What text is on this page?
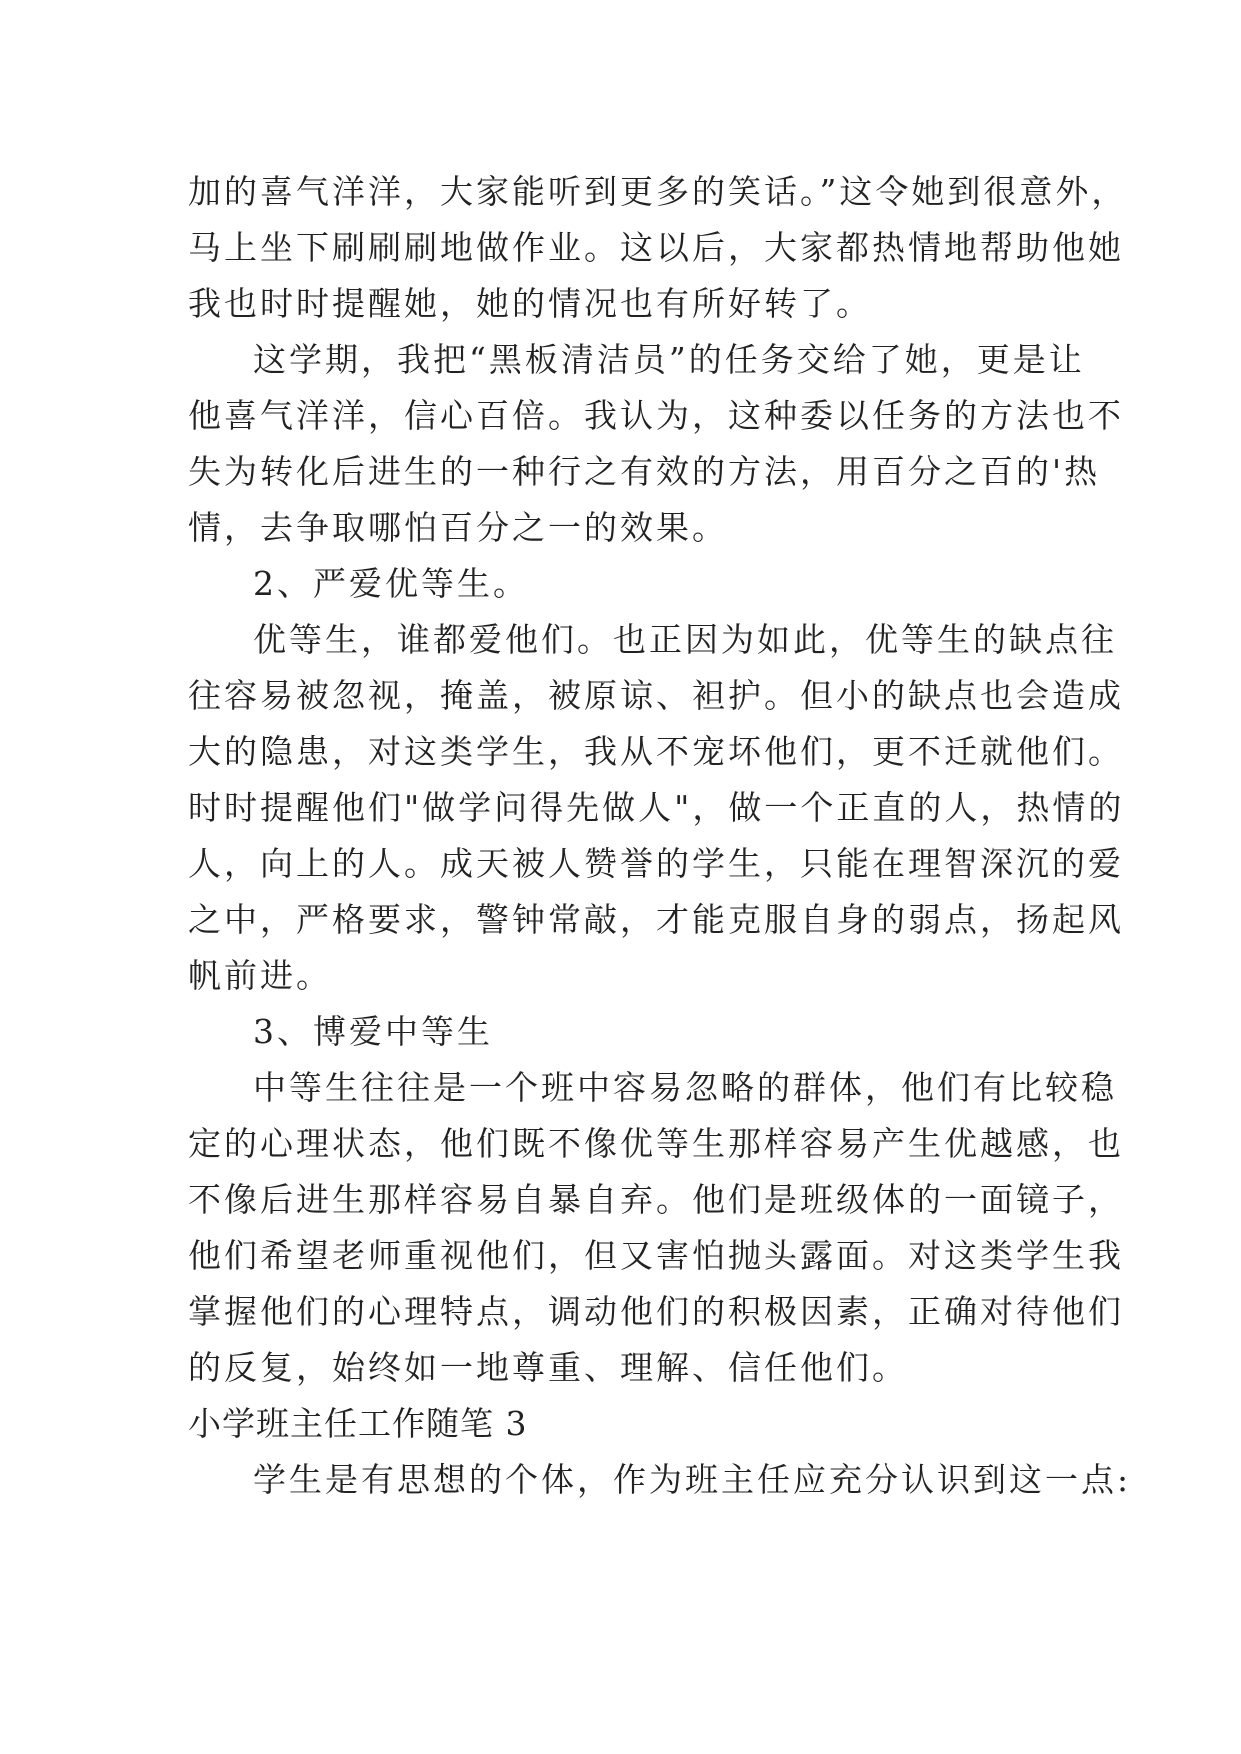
加的喜气洋洋，大家能听到更多的笑话。”这令她到很意外，
马上坐下刷刷刷地做作业。这以后，大家都热情地帮助他她
我也时时提醒她，她的情况也有所好转了。
这学期，我把“黑板清洁员”的任务交给了她，更是让
他喜气洋洋，信心百倍。我认为，这种委以任务的方法也不
失为转化后进生的一种行之有效的方法，用百分之百的'热
情，去争取哪怕百分之一的效果。
2、严爱优等生。
优等生，谁都爱他们。也正因为如此，优等生的缺点往
往容易被忽视，掩盖，被原谅、袒护。但小的缺点也会造成
大的隐患，对这类学生，我从不宠坏他们，更不迁就他们。
时时提醒他们"做学问得先做人"，做一个正直的人，热情的
人，向上的人。成天被人赞誉的学生，只能在理智深沉的爱
之中，严格要求，警钟常敲，才能克服自身的弱点，扬起风
帆前进。
3、博爱中等生
中等生往往是一个班中容易忽略的群体，他们有比较稳
定的心理状态，他们既不像优等生那样容易产生优越感，也
不像后进生那样容易自暴自弃。他们是班级体的一面镜子，
他们希望老师重视他们，但又害怕抛头露面。对这类学生我
掌握他们的心理特点，调动他们的积极因素，正确对待他们
的反复，始终如一地尊重、理解、信任他们。
小学班主任工作随笔 3
学生是有思想的个体，作为班主任应充分认识到这一点:
